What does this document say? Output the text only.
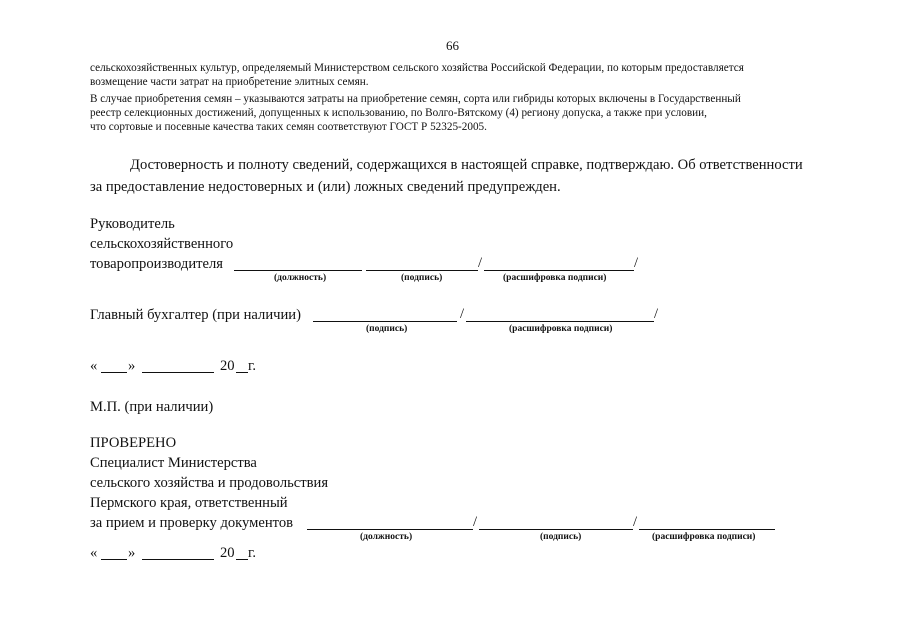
66
сельскохозяйственных культур, определяемый Министерством сельского хозяйства Российской Федерации, по которым предоставляется
возмещение части затрат на приобретение элитных семян.
В случае приобретения семян – указываются затраты на приобретение семян, сорта или гибриды которых включены в Государственный
реестр селекционных достижений, допущенных к использованию, по Волго-Вятскому (4) региону допуска, а также при условии,
что сортовые и посевные качества таких семян соответствуют ГОСТ Р 52325-2005.
Достоверность и полноту сведений, содержащихся в настоящей справке, подтверждаю. Об ответственности
за предоставление недостоверных и (или) ложных сведений предупрежден.
Руководитель
сельскохозяйственного
товаропроизводителя	/	/
(должность)	(подпись)	(расшифровка подписи)
Главный бухгалтер (при наличии)	/	/
(подпись)	(расшифровка подписи)
« »	20 г.
М.П. (при наличии)
ПРОВЕРЕНО
Специалист Министерства
сельского хозяйства и продовольствия
Пермского края, ответственный
за прием и проверку документов	/	/
(должность)	(подпись)	(расшифровка подписи)
« »	20 г.
